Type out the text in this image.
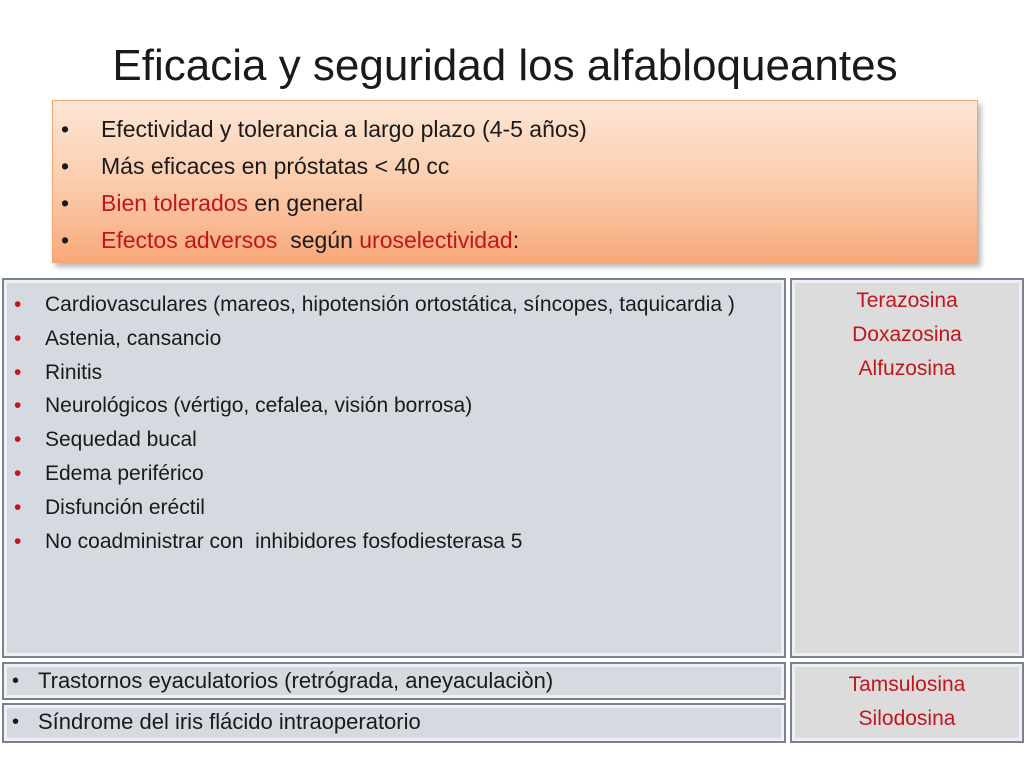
Eficacia y seguridad los alfabloqueantes
• Efectividad y tolerancia a largo plazo (4-5 años)
• Más eficaces en próstatas < 40 cc
• Bien tolerados en general
• Efectos adversos  según uroselectividad:
• Cardiovasculares (mareos, hipotensión ortostática, síncopes, taquicardia )
• Astenia, cansancio
• Rinitis
• Neurológicos (vértigo, cefalea, visión borrosa)
• Sequedad bucal
• Edema periférico
• Disfunción eréctil
• No coadministrar con  inhibidores fosfodiesterasa 5
Terazosina
Doxazosina
Alfuzosina
• Trastornos eyaculatorios (retrógrada, aneyaculaciòn)
• Síndrome del iris flácido intraoperatorio
Tamsulosina
Silodosina
